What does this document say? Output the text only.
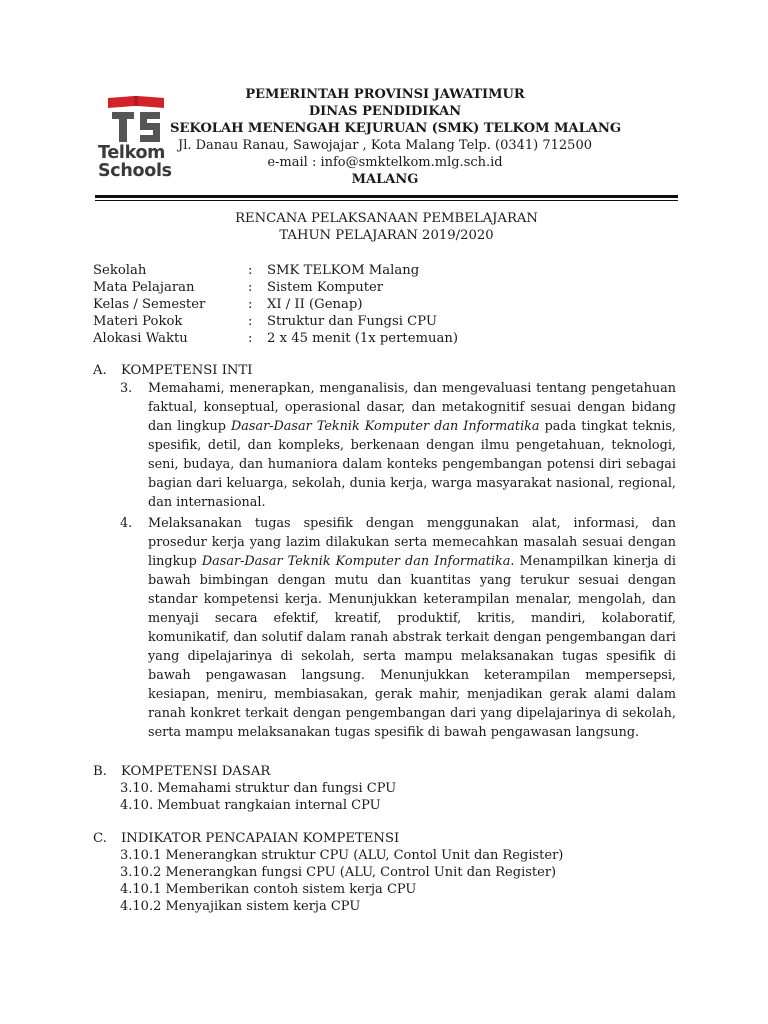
Telkom
Schools
PEMERINTAH PROVINSI JAWATIMUR
DINAS PENDIDIKAN
SEKOLAH MENENGAH KEJURUAN (SMK) TELKOM MALANG
Jl. Danau Ranau, Sawojajar , Kota Malang Telp. (0341) 712500
e-mail : info@smktelkom.mlg.sch.id
MALANG
RENCANA PELAKSANAAN PEMBELAJARAN
TAHUN PELAJARAN 2019/2020
Sekolah	: SMK TELKOM Malang
Mata Pelajaran	: Sistem Komputer
Kelas / Semester	: XI / II (Genap)
Materi Pokok	: Struktur dan Fungsi CPU
Alokasi Waktu	: 2 x 45 menit (1x pertemuan)
A. KOMPETENSI INTI
3. Memahami, menerapkan, menganalisis, dan mengevaluasi tentang pengetahuan faktual, konseptual, operasional dasar, dan metakognitif sesuai dengan bidang dan lingkup Dasar-Dasar Teknik Komputer dan Informatika pada tingkat teknis, spesifik, detil, dan kompleks, berkenaan dengan ilmu pengetahuan, teknologi, seni, budaya, dan humaniora dalam konteks pengembangan potensi diri sebagai bagian dari keluarga, sekolah, dunia kerja, warga masyarakat nasional, regional, dan internasional.
4. Melaksanakan tugas spesifik dengan menggunakan alat, informasi, dan prosedur kerja yang lazim dilakukan serta memecahkan masalah sesuai dengan lingkup Dasar-Dasar Teknik Komputer dan Informatika. Menampilkan kinerja di bawah bimbingan dengan mutu dan kuantitas yang terukur sesuai dengan standar kompetensi kerja. Menunjukkan keterampilan menalar, mengolah, dan menyaji secara efektif, kreatif, produktif, kritis, mandiri, kolaboratif, komunikatif, dan solutif dalam ranah abstrak terkait dengan pengembangan dari yang dipelajarinya di sekolah, serta mampu melaksanakan tugas spesifik di bawah pengawasan langsung. Menunjukkan keterampilan mempersepsi, kesiapan, meniru, membiasakan, gerak mahir, menjadikan gerak alami dalam ranah konkret terkait dengan pengembangan dari yang dipelajarinya di sekolah, serta mampu melaksanakan tugas spesifik di bawah pengawasan langsung.
B. KOMPETENSI DASAR
3.10. Memahami struktur dan fungsi CPU
4.10. Membuat rangkaian internal CPU
C. INDIKATOR PENCAPAIAN KOMPETENSI
3.10.1 Menerangkan struktur CPU (ALU, Contol Unit dan Register)
3.10.2 Menerangkan fungsi CPU (ALU, Control Unit dan Register)
4.10.1 Memberikan contoh sistem kerja CPU
4.10.2 Menyajikan sistem kerja CPU
